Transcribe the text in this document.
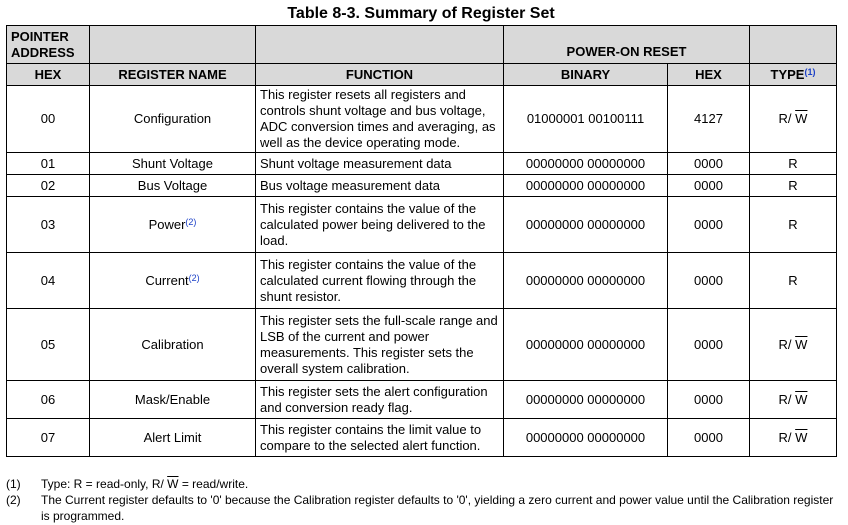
Table 8-3. Summary of Register Set
POINTER ADDRESS			POWER-ON RESET		
HEX	REGISTER NAME	FUNCTION	BINARY	HEX	TYPE$^{(1)}$
00	Configuration	This register resets all registers and controls shunt voltage and bus voltage, ADC conversion times and averaging, as well as the device operating mode.	01000001 00100111	4127	R/ $\overline{W}$
01	Shunt Voltage	Shunt voltage measurement data	00000000 00000000	0000	R
02	Bus Voltage	Bus voltage measurement data	00000000 00000000	0000	R
03	Power$^{(2)}$	This register contains the value of the calculated power being delivered to the load.	00000000 00000000	0000	R
04	Current$^{(2)}$	This register contains the value of the calculated current flowing through the shunt resistor.	00000000 00000000	0000	R
05	Calibration	This register sets the full-scale range and LSB of the current and power measurements. This register sets the overall system calibration.	00000000 00000000	0000	R/ $\overline{W}$
06	Mask/Enable	This register sets the alert configuration and conversion ready flag.	00000000 00000000	0000	R/ $\overline{W}$
07	Alert Limit	This register contains the limit value to compare to the selected alert function.	00000000 00000000	0000	R/ $\overline{W}$
(1)	Type: R = read-only, R/ $\overline{W}$ = read/write.
(2)	The Current register defaults to '0' because the Calibration register defaults to '0', yielding a zero current and power value until the Calibration register is programmed.
